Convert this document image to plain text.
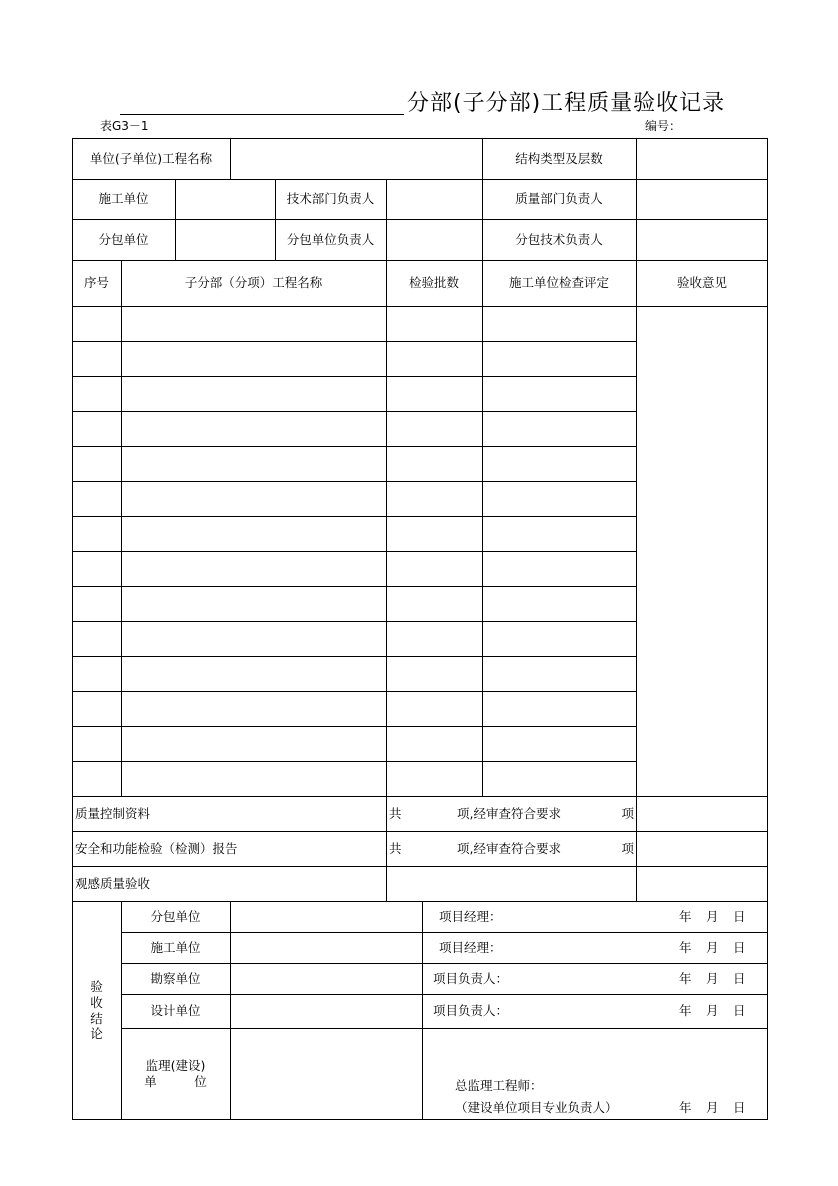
分部(子分部)工程质量验收记录
表G3－1	编号：
单位(子单位)工程名称	结构类型及层数
施工单位	技术部门负责人	质量部门负责人
分包单位	分包单位负责人	分包技术负责人
序号	子分部（分项）工程名称	检验批数	施工单位检查评定	验收意见
质量控制资料	共	项,经审查符合要求	项
安全和功能检验（检测）报告	共	项,经审查符合要求	项
观感质量验收
验
收
结
论
分包单位	项目经理：	年	月	日
施工单位	项目经理：	年	月	日
勘察单位	项目负责人：	年	月	日
设计单位	项目负责人：	年	月	日
监理(建设)
单　　　位	总监理工程师：
（建设单位项目专业负责人）	年	月	日
